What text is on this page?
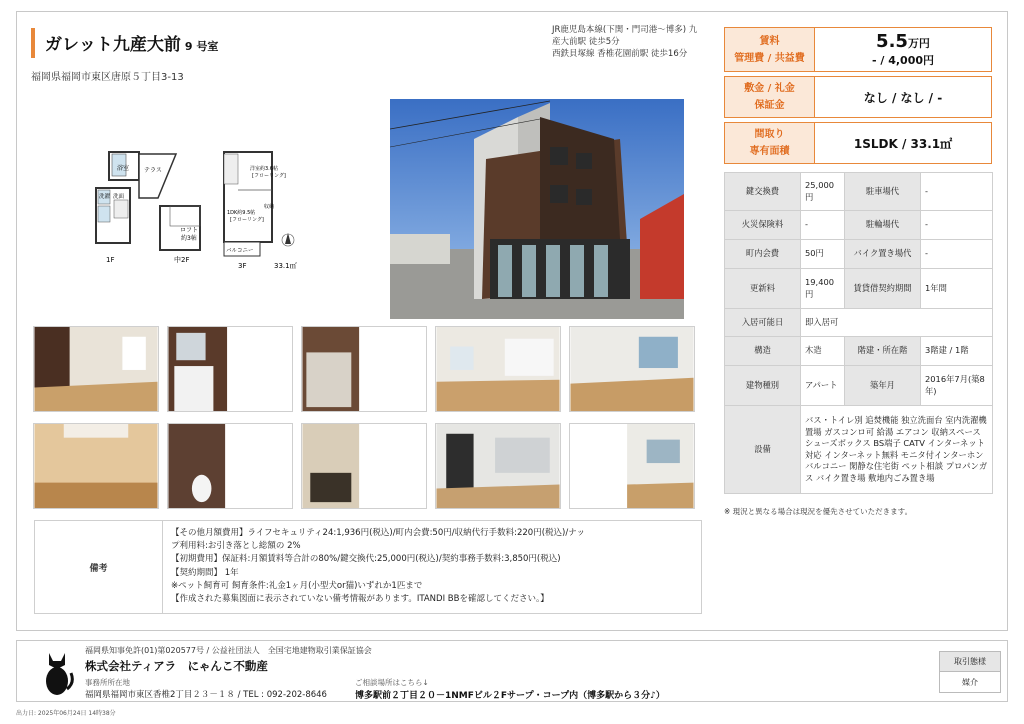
ガレット九産大前 9 号室
福岡県福岡市東区唐原５丁目3-13
JR鹿児島本線(下関・門司港〜博多) 九
産大前駅 徒歩5分
西鉄貝塚線 香椎花園前駅 徒歩16分
浴室 テラス
洗濯 洗面
1F
ロフト
約3帖
中2F
洋室約3.6帖
[フローリング]
1DK約9.5帖
[フローリング]
収納
バルコニー
3F	33.1㎡
備考
【その他月額費用】ライフセキュリティ24:1,936円(税込)/町内会費:50円/収納代行手数料:220円(税込)/ナッ
プ利用料:お引き落とし総額の 2%
【初期費用】保証料:月額賃料等合計の80%/鍵交換代:25,000円(税込)/契約事務手数料:3,850円(税込)
【契約期間】 1年
※ペット飼育可 飼育条件:礼金1ヶ月(小型犬or猫)いずれか1匹まで
【作成された募集図面に表示されていない備考情報があります。ITANDI BBを確認してください。】
賃料
管理費 / 共益費
5.5万円
- / 4,000円
敷金 / 礼金
保証金
なし / なし / -
間取り
専有面積
1SLDK / 33.1㎡
鍵交換費	25,000円	駐車場代	-
火災保険料	-	駐輪場代	-
町内会費	50円	バイク置き場代	-
更新料	19,400円	賃貸借契約期間	1年間
入居可能日	即入居可		
構造	木造	階建・所在階	3階建 / 1階
建物種別	アパート	築年月	2016年7月(築8年)
設備	バス・トイレ別 追焚機能 独立洗面台 室内洗濯機置場 ガスコンロ可 給湯 エアコン 収納スペース シューズボックス BS端子 CATV インターネット対応 インターネット無料 モニタ付インターホン バルコニー 閑静な住宅街 ペット相談 プロパンガス バイク置き場 敷地内ごみ置き場		
※ 現況と異なる場合は現況を優先させていただきます。
福岡県知事免許(01)第020577号 / 公益社団法人　全国宅地建物取引業保証協会
株式会社ティアラ　にゃんこ不動産
事務所所在地
福岡県福岡市東区香椎2丁目２３－１８ / TEL : 092-202-8646
ご相談場所はこちら↓
博多駅前２丁目２０－1NMFビル２Fサープ・コープ内（博多駅から３分♪）
取引態様
媒介
出力日: 2025年06月24日 14時38分
